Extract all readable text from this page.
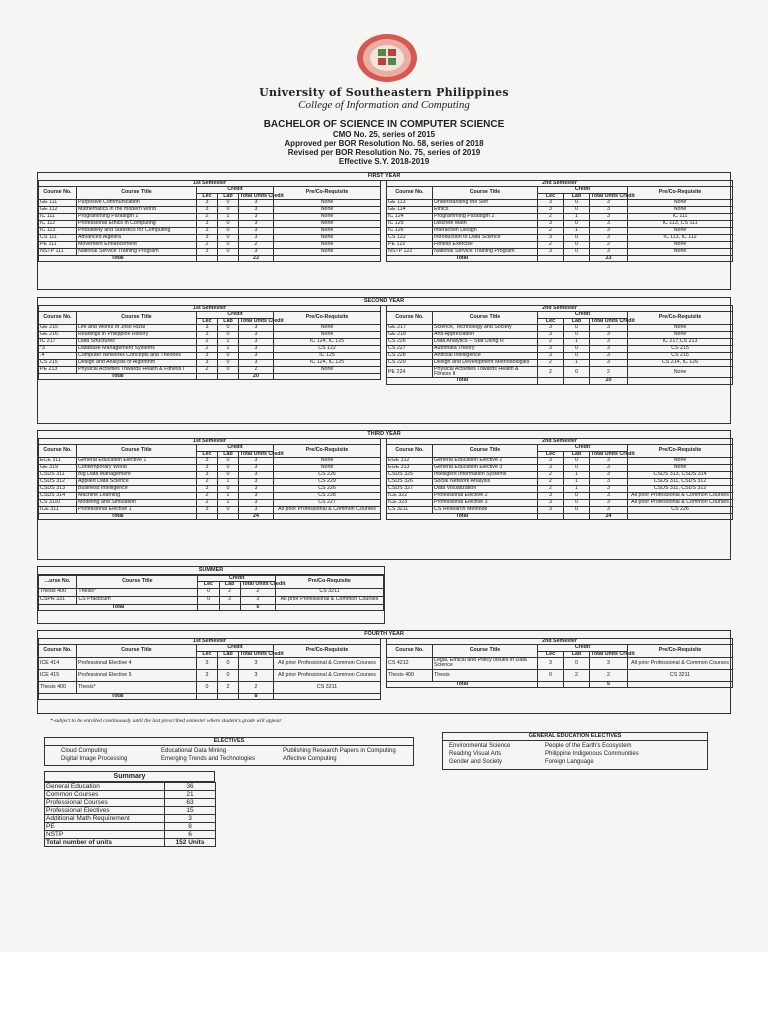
University of Southeastern Philippines
College of Information and Computing
BACHELOR OF SCIENCE IN COMPUTER SCIENCE
CMO No. 25, series of 2015
Approved per BOR Resolution No. 58, series of 2018
Revised per BOR Resolution No. 75, series of 2019
Effective S.Y. 2018-2019
FIRST YEAR
1st Semester					
Course No.	Course Title	Credit			Pre/Co-Requisite
		Lec	Lab	Total Units Credit	
GE 111	Purposive Communication	3	0	3	None
GE 112	Mathematics in the modern world	3	0	3	None
IC 111	Programming Paradigm 1	2	1	3	None
IC 112	Professional Ethics in Computing	3	0	3	None
IC 113	Probability and Statistics for Computing	3	0	3	None
CS 111	Advanced Algebra	3	0	3	None
PE 111	Movement Enhancement	2	0	2	None
NSTP 111	National Service Training Program	3	0	3	None
Total				23	
2nd Semester					
Course No.	Course Title	Credit			Pre/Co-Requisite
		Lec	Lab	Total Units Credit	
GE 113	Understanding the Self	3	0	3	None
GE 114	Ethics	3	0	3	None
IC 124	Programming Paradigm 2	2	1	3	IC 111
IC 125	Discrete Math	3	0	3	IC 113, CS 111
IC 126	Interaction Design	2	1	3	None
CS 122	Introduction to Data Science	3	0	3	IC 113, IC 112
PE 122	Fitness Exercise	2	0	2	None
NSTP 122	National Service Training Program	3	0	3	None
Total				23	
SECOND YEAR
1st Semester					
Course No.	Course Title	Credit			Pre/Co-Requisite
		Lec	Lab	Total Units Credit	
GE 215	Life and Works of Jose Rizal	3	0	3	None
GE 216	Readings in Philippine History	3	0	3	None
IC 217	Data Structures	2	1	3	IC 124, IC 125
*3	Database Management Systems	2	1	3	CS 122
.4	Computer Networks Concepts and Theories	3	0	3	IC 125
CS 215	Design and Analysis of Algorithm	3	0	3	IC 124, IC 125
PE 213	Physical Activities Towards Health & Fitness I	2	0	2	None
Total				20	
2nd Semester					
Course No.	Course Title	Credit			Pre/Co-Requisite
		Lec	Lab	Total Units Credit	
GE 217	Science, Technology and Society	3	0	3	None
GE 218	Arts Appreciation	3	0	3	None
CS 226	Data Analytics -- Stat Using R	2	1	3	IC 217,CS 213
CS 227	Automata Theory	3	0	3	CS 215
CS 228	Artificial Intelligence	3	0	3	CS 215
CS 229	Design and Development Methodologies	2	1	3	CS 214, IC 126
PE 224	Physical Activities Towards Health & Fitness II	2	0	2	None
Total				20	
THIRD YEAR
1st Semester					
Course No.	Course Title	Credit			Pre/Co-Requisite
		Lec	Lab	Total Units Credit	
ECE 311	General Education Elective 1	3	0	3	None
GE 319	Contemporary World	3	0	3	None
CSDS 311	Big Data Management	3	0	3	CS 226
CSDS 312	Applied Data Science	2	1	3	CS 229
CSDS 313	Business Intelligence	3	0	3	CS 226
CSDS 314	Machine Learning	2	1	3	CS 228
CS 3110	Modeling and Simulation	2	1	3	CS 227
ICE 311	Professional Elective 1	3	0	3	All prior Professional & Common Courses
Total				24	
2nd Semester					
Course No.	Course Title	Credit			Pre/Co-Requisite
		Lec	Lab	Total Units Credit	
EGE 312	General Education Elective 2	3	0	3	None
EGE 313	General Education Elective 3	3	0	3	None
CSDS 325	Intelligent Information Systems	2	1	3	CSDS 313, CSDS 314
CSDS 326	Social Network Analysis	2	1	3	CSDS 311, CSDS 312
CSDS 327	Data Visualization	2	1	3	CSDS 311, CSDS 312
ICE 322	Professional Elective 2	3	0	3	All prior Professional & Common Courses
ICE 323	Professional Elective 3	3	0	3	All prior Professional & Common Courses
CS 3211	CS Research Methods	3	0	3	CS 226
Total				24	
FOURTH YEAR
1st Semester					
Course No.	Course Title	Credit			Pre/Co-Requisite
		Lec	Lab	Total Units Credit	
ICE 414	Professional Elective 4	3	0	3	All prior Professional & Common Courses
ICE 415	Professional Elective 5	3	0	3	All prior Professional & Common Courses
Thesis 400	Thesis*	0	2	2	CS 3211
Total				8	
2nd Semester					
Course No.	Course Title	Credit			Pre/Co-Requisite
		Lec	Lab	Total Units Credit	
CS 4212	Legal, Ethical and Policy Issues in Data Science	3	0	3	All prior Professional & Common Courses
Thesis 400	Thesis	0	2	2	CS 3211
Total				5	
SUMMER
...urse No.	Course Title	Credit			Pre/Co-Requisite
		Lec	Lab	Total Units Credit	
Thesis 400	Thesis*	0	2	2	CS 3211
CSPR 331	CS Practicum	0	3	3	All prior Professional & Common Courses
Total				5	
*-subject to be enrolled continuously until the last prescribed semester where student's grade will appear
ELECTIVES
Cloud Computing	Educational Data Mining	Publishing Research Papers in Computing
Digital Image Processing	Emerging Trends and Technologies	Affective Computing
GENERAL EDUCATION ELECTIVES
Environmental Science	People of the Earth's Ecosystem
Reading Visual Arts	Philippine Indigenous Communities
Gender and Society	Foreign Language
Summary
General Education	36
Common Courses	21
Professional Courses	63
Professional Electives	15
Additional Math Requirement	3
PE	8
NSTP	6
Total number of units	152 Units
